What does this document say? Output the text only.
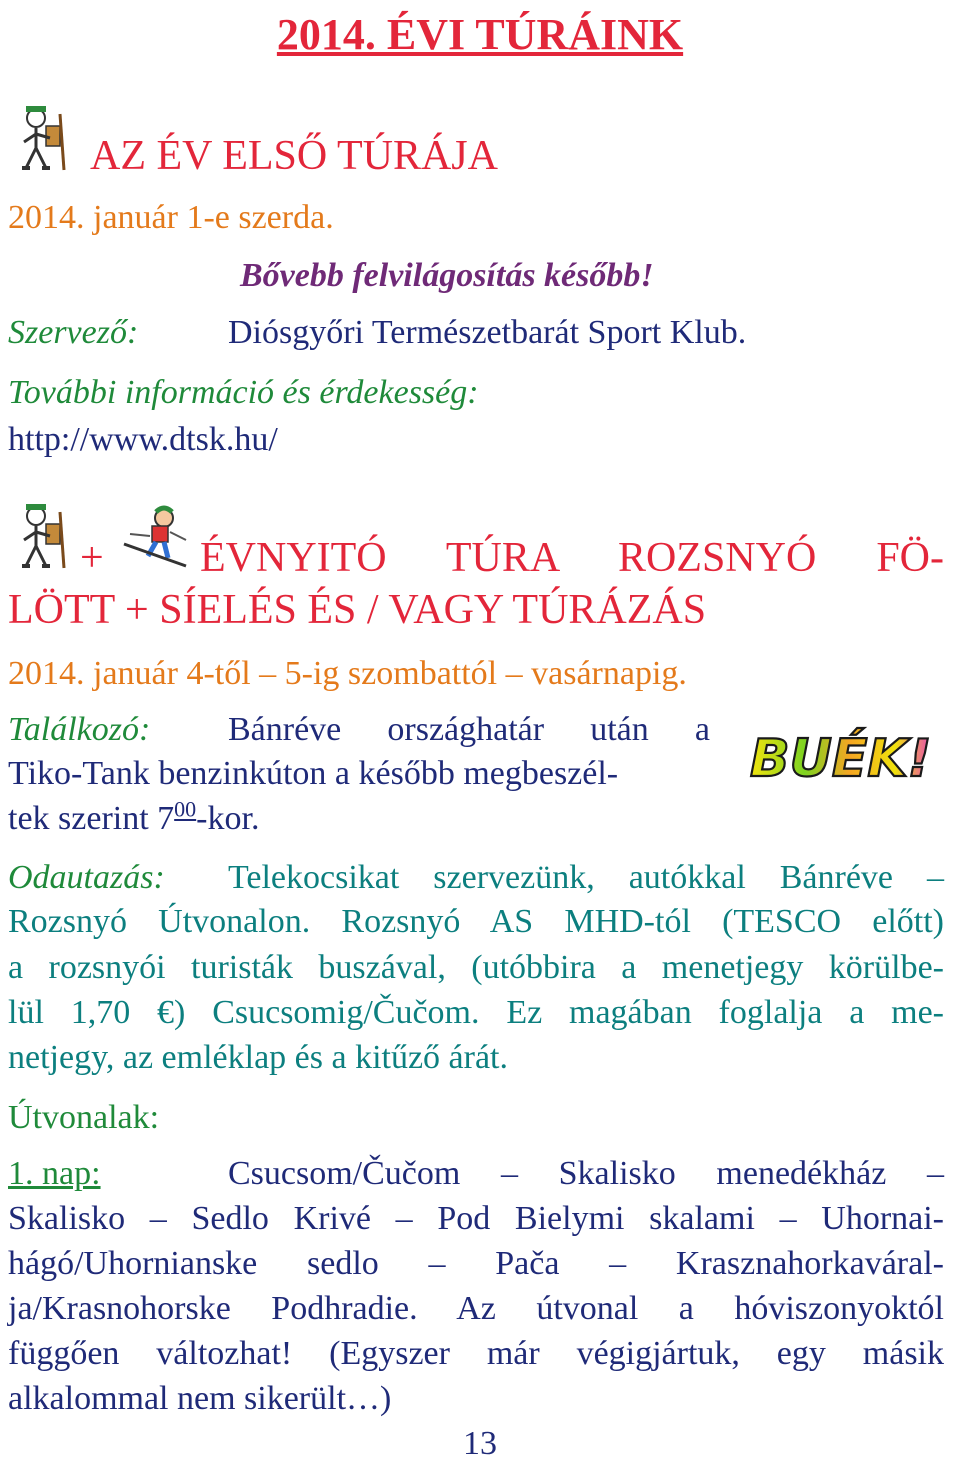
2014. ÉVI TÚRÁINK
AZ ÉV ELSŐ TÚRÁJA
2014. január 1-e szerda.
Bővebb felvilágosítás később!
Szervező:	Diósgyőri Természetbarát Sport Klub.
További információ és érdekesség:
http://www.dtsk.hu/
+ ÉVNYITÓ TÚRA ROZSNYÓ FÖ-
LÖTT + SÍELÉS ÉS / VAGY TÚRÁZÁS
2014. január 4-től – 5-ig szombattól – vasárnapig.
Találkozó: Bánréve országhatár után a
Tiko-Tank benzinkúton a később megbeszél-
tek szerint $7^{00}$-kor.
BUÉK!
Odautazás: Telekocsikat szervezünk, autókkal Bánréve –
Rozsnyó Útvonalon. Rozsnyó AS MHD-tól (TESCO előtt)
a rozsnyói turisták buszával, (utóbbira a menetjegy körülbe-
lül 1,70 €) Csucsomig/Čučom. Ez magában foglalja a me-
netjegy, az emléklap és a kitűző árát.
Útvonalak:
1. nap:	Csucsom/Čučom – Skalisko menedékház –
Skalisko – Sedlo Krivé – Pod Bielymi skalami – Uhornai-
hágó/Uhornianske sedlo – Pača – Krasznahorkaváral-
ja/Krasnohorske Podhradie. Az útvonal a hóviszonyoktól
függően változhat! (Egyszer már végigjártuk, egy másik
alkalommal nem sikerült…)
13
